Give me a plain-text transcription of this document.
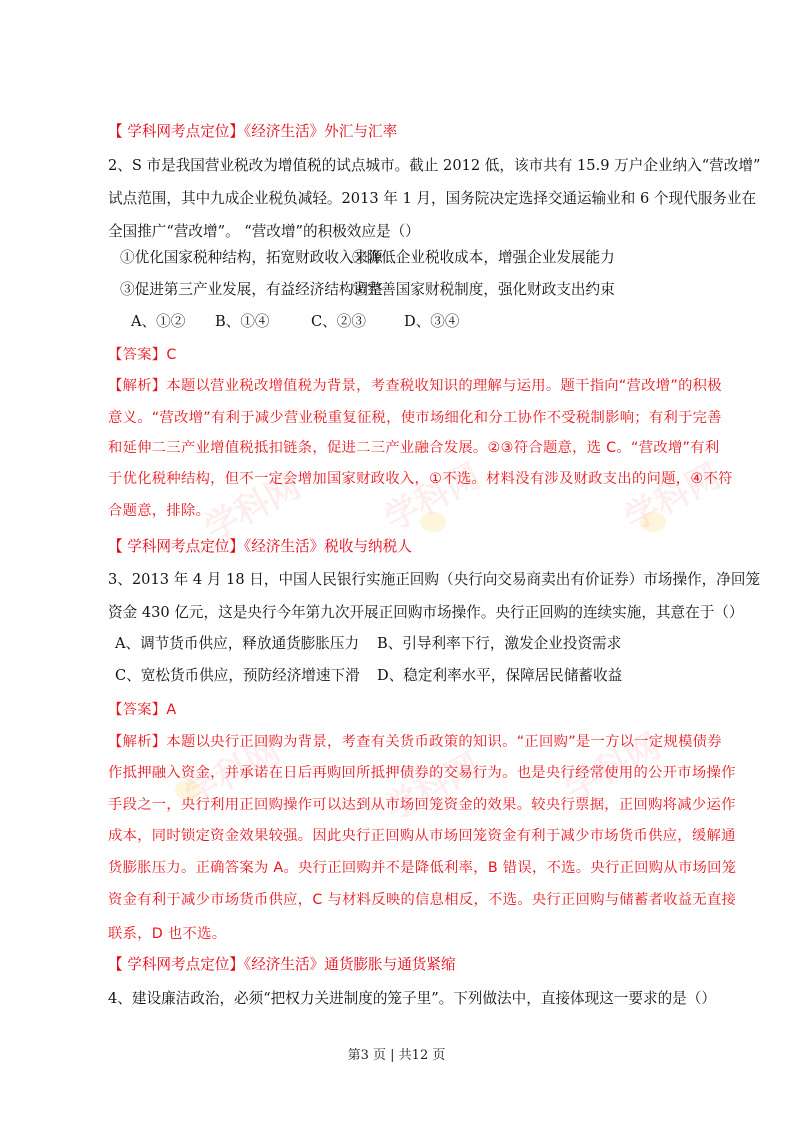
学科网	学科网
学科网
学科网
学科网	学科网
【 学科网考点定位】《经济生活》外汇与汇率
2、S 市是我国营业税改为增值税的试点城市。截止 2012 低，该市共有 15.9 万户企业纳入“营改增”
试点范围，其中九成企业税负减轻。2013 年 1 月，国务院决定选择交通运输业和 6 个现代服务业在
全国推广“营改增”。 “营改增”的积极效应是（）
①优化国家税种结构，拓宽财政收入来源
②降低企业税收成本，增强企业发展能力
③促进第三产业发展，有益经济结构调整
④完善国家财税制度，强化财政支出约束
A、①② B、①④	C、②③	D、③④
【答案】C
【解析】本题以营业税改增值税为背景，考查税收知识的理解与运用。题干指向“营改增”的积极
意义。“营改增”有利于减少营业税重复征税，使市场细化和分工协作不受税制影响；有利于完善
和延伸二三产业增值税抵扣链条，促进二三产业融合发展。②③符合题意，选 C。“营改增”有利
于优化税种结构，但不一定会增加国家财政收入，①不选。材料没有涉及财政支出的问题，④不符
合题意，排除。
【 学科网考点定位】《经济生活》税收与纳税人
3、2013 年 4 月 18 日，中国人民银行实施正回购（央行向交易商卖出有价证券）市场操作，净回笼
资金 430 亿元，这是央行今年第九次开展正回购市场操作。央行正回购的连续实施，其意在于（）
A、调节货币供应，释放通货膨胀压力 B、引导利率下行，激发企业投资需求
C、宽松货币供应，预防经济增速下滑 D、稳定利率水平，保障居民储蓄收益
【答案】A
【解析】本题以央行正回购为背景，考查有关货币政策的知识。“正回购”是一方以一定规模债券
作抵押融入资金，并承诺在日后再购回所抵押债券的交易行为。也是央行经常使用的公开市场操作
手段之一，央行利用正回购操作可以达到从市场回笼资金的效果。较央行票据，正回购将减少运作
成本，同时锁定资金效果较强。因此央行正回购从市场回笼资金有利于减少市场货币供应，缓解通
货膨胀压力。正确答案为 A。央行正回购并不是降低利率，B 错误，不选。央行正回购从市场回笼
资金有利于减少市场货币供应，C 与材料反映的信息相反，不选。央行正回购与储蓄者收益无直接
联系，D 也不选。
【 学科网考点定位】《经济生活》通货膨胀与通货紧缩
4、建设廉洁政治，必须“把权力关进制度的笼子里”。下列做法中，直接体现这一要求的是（）
第3 页 | 共12 页
